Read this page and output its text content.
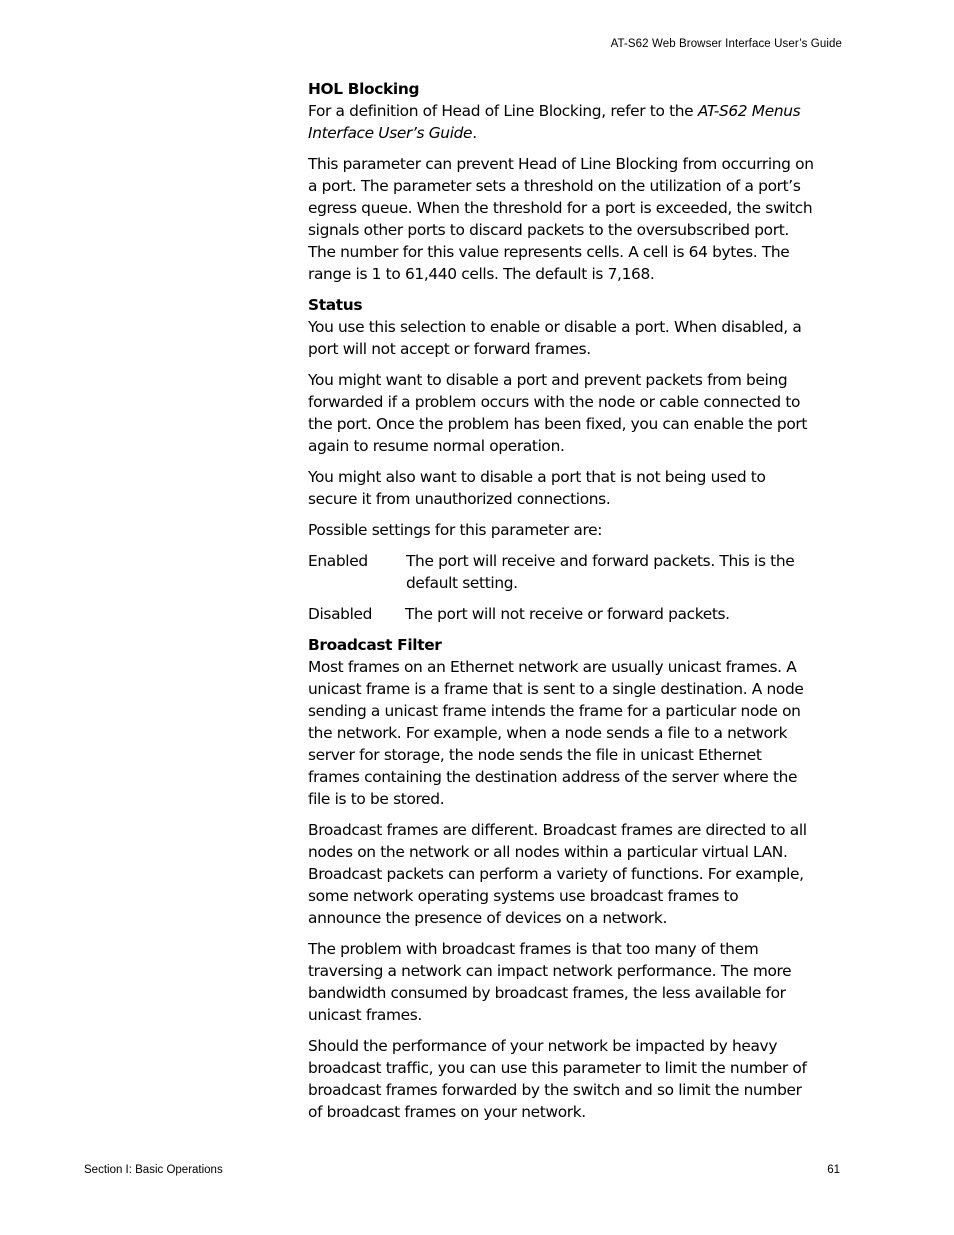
AT-S62 Web Browser Interface User’s Guide
HOL Blocking

For a definition of Head of Line Blocking, refer to the AT-S62 Menus Interface User’s Guide.

This parameter can prevent Head of Line Blocking from occurring on a port. The parameter sets a threshold on the utilization of a port’s egress queue. When the threshold for a port is exceeded, the switch signals other ports to discard packets to the oversubscribed port. The number for this value represents cells. A cell is 64 bytes. The range is 1 to 61,440 cells. The default is 7,168.

Status

You use this selection to enable or disable a port. When disabled, a port will not accept or forward frames.

You might want to disable a port and prevent packets from being forwarded if a problem occurs with the node or cable connected to the port. Once the problem has been fixed, you can enable the port again to resume normal operation.

You might also want to disable a port that is not being used to secure it from unauthorized connections.

Possible settings for this parameter are:

Enabled	The port will receive and forward packets. This is the default setting.
Disabled	The port will not receive or forward packets.
Broadcast Filter

Most frames on an Ethernet network are usually unicast frames. A unicast frame is a frame that is sent to a single destination. A node sending a unicast frame intends the frame for a particular node on the network. For example, when a node sends a file to a network server for storage, the node sends the file in unicast Ethernet frames containing the destination address of the server where the file is to be stored.

Broadcast frames are different. Broadcast frames are directed to all nodes on the network or all nodes within a particular virtual LAN. Broadcast packets can perform a variety of functions. For example, some network operating systems use broadcast frames to announce the presence of devices on a network.

The problem with broadcast frames is that too many of them traversing a network can impact network performance. The more bandwidth consumed by broadcast frames, the less available for unicast frames.

Should the performance of your network be impacted by heavy broadcast traffic, you can use this parameter to limit the number of broadcast frames forwarded by the switch and so limit the number of broadcast frames on your network.

Section I: Basic Operations	61
